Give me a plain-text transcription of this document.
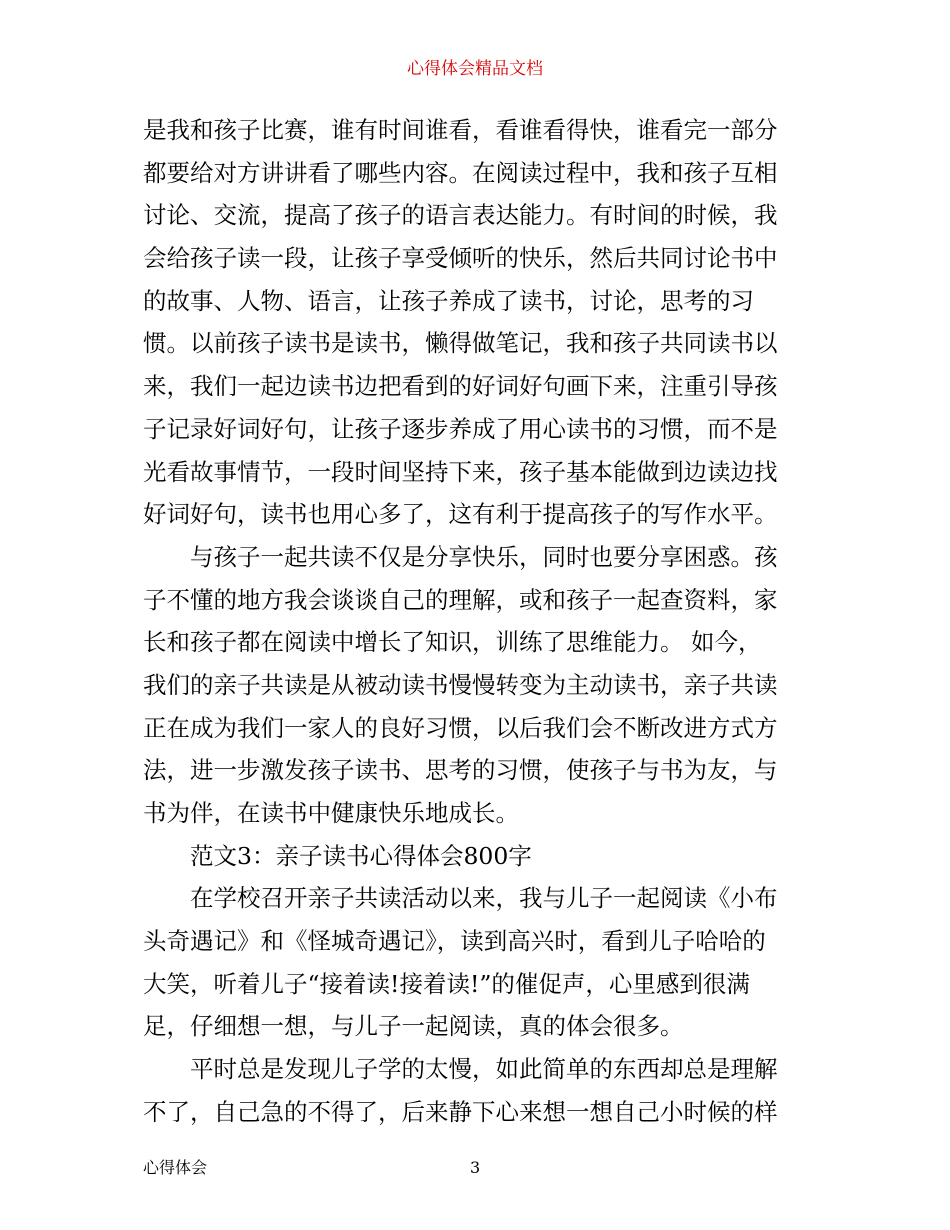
心得体会精品文档
是我和孩子比赛，谁有时间谁看，看谁看得快，谁看完一部分
都要给对方讲讲看了哪些内容。在阅读过程中，我和孩子互相
讨论、交流，提高了孩子的语言表达能力。有时间的时候，我
会给孩子读一段，让孩子享受倾听的快乐，然后共同讨论书中
的故事、人物、语言，让孩子养成了读书，讨论，思考的习
惯。以前孩子读书是读书，懒得做笔记，我和孩子共同读书以
来，我们一起边读书边把看到的好词好句画下来，注重引导孩
子记录好词好句，让孩子逐步养成了用心读书的习惯，而不是
光看故事情节，一段时间坚持下来，孩子基本能做到边读边找
好词好句，读书也用心多了，这有利于提高孩子的写作水平。
与孩子一起共读不仅是分享快乐，同时也要分享困惑。孩
子不懂的地方我会谈谈自己的理解，或和孩子一起查资料，家
长和孩子都在阅读中增长了知识，训练了思维能力。 如今，
我们的亲子共读是从被动读书慢慢转变为主动读书，亲子共读
正在成为我们一家人的良好习惯，以后我们会不断改进方式方
法，进一步激发孩子读书、思考的习惯，使孩子与书为友，与
书为伴，在读书中健康快乐地成长。
范文3：亲子读书心得体会800字
在学校召开亲子共读活动以来，我与儿子一起阅读《小布
头奇遇记》和《怪城奇遇记》，读到高兴时，看到儿子哈哈的
大笑，听着儿子“接着读!接着读!”的催促声，心里感到很满
足，仔细想一想，与儿子一起阅读，真的体会很多。
平时总是发现儿子学的太慢，如此简单的东西却总是理解
不了，自己急的不得了，后来静下心来想一想自己小时候的样
心得体会	3
